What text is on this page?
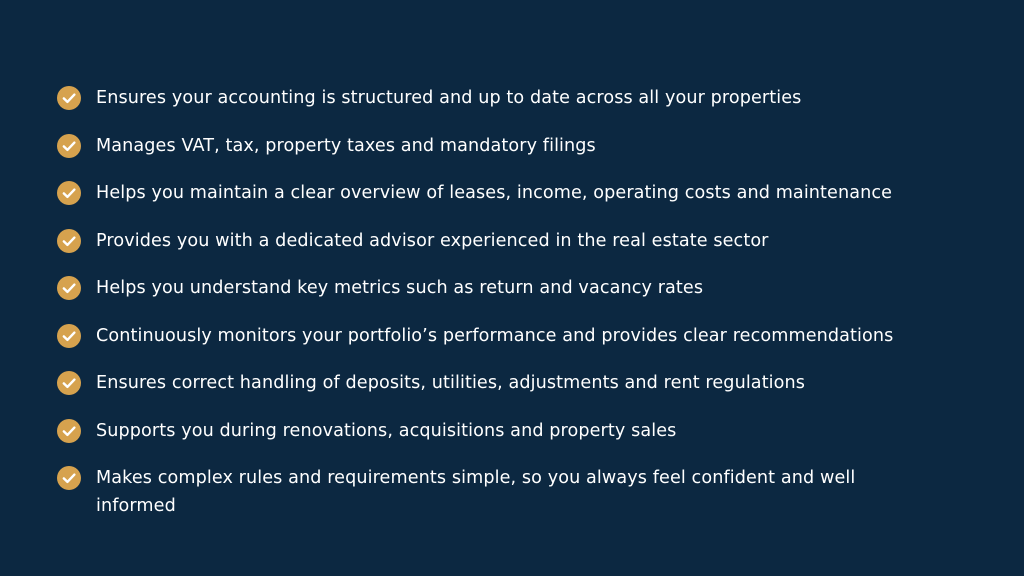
Ensures your accounting is structured and up to date across all your properties
Manages VAT, tax, property taxes and mandatory filings
Helps you maintain a clear overview of leases, income, operating costs and maintenance
Provides you with a dedicated advisor experienced in the real estate sector
Helps you understand key metrics such as return and vacancy rates
Continuously monitors your portfolio’s performance and provides clear recommendations
Ensures correct handling of deposits, utilities, adjustments and rent regulations
Supports you during renovations, acquisitions and property sales
Makes complex rules and requirements simple, so you always feel confident and well informed
